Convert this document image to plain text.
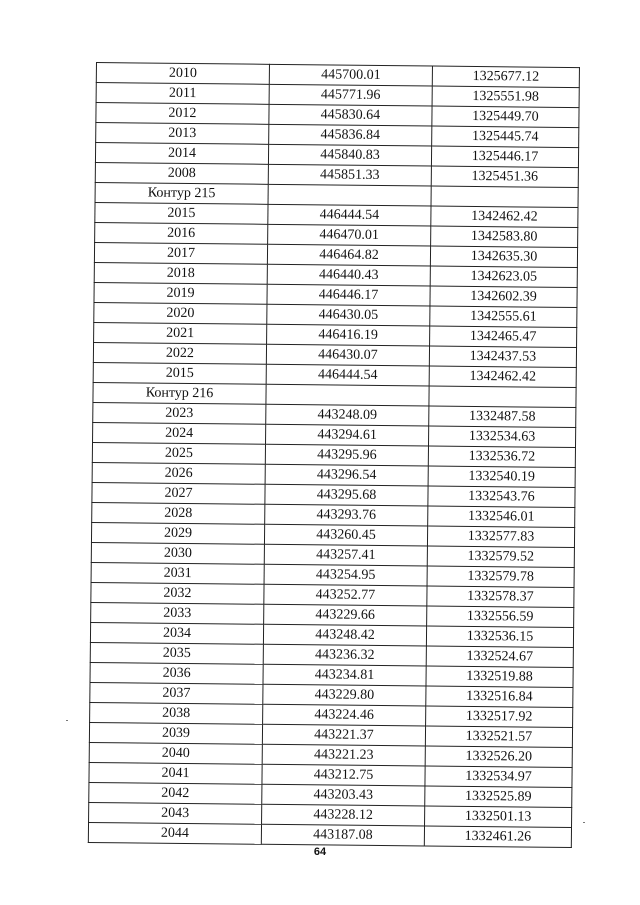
2010	445700.01	1325677.12
2011	445771.96	1325551.98
2012	445830.64	1325449.70
2013	445836.84	1325445.74
2014	445840.83	1325446.17
2008	445851.33	1325451.36
Контур 215		
2015	446444.54	1342462.42
2016	446470.01	1342583.80
2017	446464.82	1342635.30
2018	446440.43	1342623.05
2019	446446.17	1342602.39
2020	446430.05	1342555.61
2021	446416.19	1342465.47
2022	446430.07	1342437.53
2015	446444.54	1342462.42
Контур 216		
2023	443248.09	1332487.58
2024	443294.61	1332534.63
2025	443295.96	1332536.72
2026	443296.54	1332540.19
2027	443295.68	1332543.76
2028	443293.76	1332546.01
2029	443260.45	1332577.83
2030	443257.41	1332579.52
2031	443254.95	1332579.78
2032	443252.77	1332578.37
2033	443229.66	1332556.59
2034	443248.42	1332536.15
2035	443236.32	1332524.67
2036	443234.81	1332519.88
2037	443229.80	1332516.84
2038	443224.46	1332517.92
2039	443221.37	1332521.57
2040	443221.23	1332526.20
2041	443212.75	1332534.97
2042	443203.43	1332525.89
2043	443228.12	1332501.13
2044	443187.08	1332461.26
64
